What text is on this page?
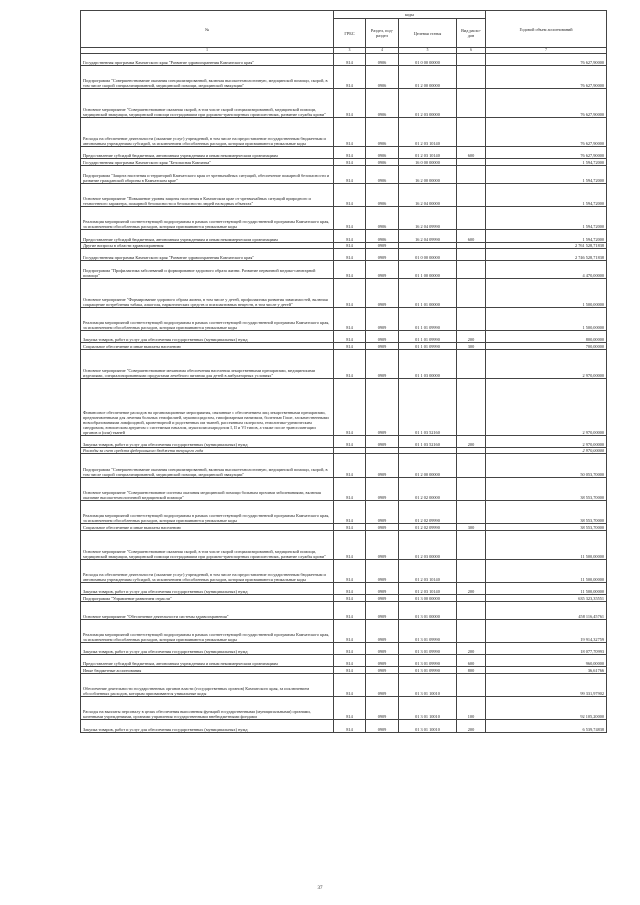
№	коды				Годовой объем ассигнований
	ГРБС	Раздел, под-раздел	Целевая статья	Вид расхо-дов	
1	3	4	5	6	7
Государственная программа Камчатского края "Развитие здравоохранения Камчатского края"	814	0906	01 0 00 00000		76 627,90000
Подпрограмма "Совершенствование оказания специализированной, включая высокотехнологичную, медицинской помощи, скорой, в том числе скорой специализированной, медицинской помощи, медицинской эвакуации"	814	0906	01 2 00 00000		76 627,90000
Основное мероприятие "Совершенствование оказания скорой, в том числе скорой специализированной, медицинской помощи, медицинской эвакуации, медицинской помощи пострадавшим при дорожно-транспортных происшествиях, развитие службы крови"	814	0906	01 2 03 00000		76 627,90000
Расходы на обеспечение деятельности (оказание услуг) учреждений, в том числе на предоставление государственным бюджетным и автономным учреждениям субсидий, за исключением обособленных расходов, которым присваиваются уникальные коды	814	0906	01 2 03 10140		76 627,90000
Предоставление субсидий бюджетным, автономным учреждениям и иным некоммерческим организациям	814	0906	01 2 03 10140	600	76 627,90000
Государственная программа Камчатского края "Безопасная Камчатка"	814	0906	16 0 00 00000		1 594,72000
Подпрограмма "Защита населения и территорий Камчатского края от чрезвычайных ситуаций, обеспечение пожарной безопасности и развитие гражданской обороны в Камчатском крае"	814	0906	16 2 00 00000		1 594,72000
Основное мероприятие "Повышение уровня защиты населения в Камчатском крае от чрезвычайных ситуаций природного и техногенного характера, пожарной безопасности и безопасности людей на водных объектах"	814	0906	16 2 04 00000		1 594,72000
Реализация мероприятий соответствующей подпрограммы в рамках соответствующей государственной программы Камчатского края, за исключением обособленных расходов, которым присваиваются уникальные коды	814	0906	16 2 04 09990		1 594,72000
Предоставление субсидий бюджетным, автономным учреждениям и иным некоммерческим организациям	814	0906	16 2 04 09990	600	1 594,72000
Другие вопросы в области здравоохранения	814	0909			2 761 528,71838
Государственная программа Камчатского края "Развитие здравоохранения Камчатского края"	814	0909	01 0 00 00000		2 746 528,71838
Подпрограмма "Профилактика заболеваний и формирование здорового образа жизни. Развитие первичной медико-санитарной помощи"	814	0909	01 1 00 00000		4 470,00000
Основное мероприятие "Формирование здорового образа жизни, в том числе у детей, профилактика развития зависимостей, включая сокращение потребления табака, алкоголя, наркотических средств и психоактивных веществ, в том числе у детей"	814	0909	01 1 01 00000		1 500,00000
Реализация мероприятий соответствующей подпрограммы в рамках соответствующей государственной программы Камчатского края, за исключением обособленных расходов, которым присваиваются уникальные коды	814	0909	01 1 01 09990		1 500,00000
Закупка товаров, работ и услуг для обеспечения государственных (муниципальных) нужд	814	0909	01 1 01 09990	200	800,00000
Социальное обеспечение и иные выплаты населению	814	0909	01 1 01 09990	300	700,00000
Основное мероприятие "Совершенствование механизма обеспечения населения лекарственными препаратами, медицинскими изделиями, специализированными продуктами лечебного питания для детей в амбулаторных условиях"	814	0909	01 1 03 00000		2 970,00000
Финансовое обеспечение расходов на организационные мероприятия, связанные с обеспечением лиц лекарственными препаратами, предназначенными для лечения больных гемофилией, муковисцидозом, гипофизарным нанизмом, болезнью Гоше, злокачественными новообразованиями лимфоидной, кроветворной и родственных им тканей, рассеянным склерозом, гемолитико-уремическим синдромом, юношеским артритом с системным началом, мукополисахаридозом I, II и VI типов, а также после трансплантации органов и (или) тканей	814	0909	01 1 03 52160		2 970,00000
Закупка товаров, работ и услуг для обеспечения государственных (муниципальных) нужд	814	0909	01 1 03 52160	200	2 970,00000
Расходы за счет средств федерального бюджета текущего года					2 970,00000
Подпрограмма "Совершенствование оказания специализированной, включая высокотехнологичную, медицинской помощи, скорой, в том числе скорой специализированной, медицинской помощи, медицинской эвакуации"	814	0909	01 2 00 00000		50 053,70000
Основное мероприятие "Совершенствование системы оказания медицинской помощи больным прочими заболеваниями, включая оказание высокотехнологичной медицинской помощи"	814	0909	01 2 02 00000		38 553,70000
Реализация мероприятий соответствующей подпрограммы в рамках соответствующей государственной программы Камчатского края, за исключением обособленных расходов, которым присваиваются уникальные коды	814	0909	01 2 02 09990		38 553,70000
Социальное обеспечение и иные выплаты населению	814	0909	01 2 02 09990	300	38 553,70000
Основное мероприятие "Совершенствование оказания скорой, в том числе скорой специализированной, медицинской помощи, медицинской эвакуации, медицинской помощи пострадавшим при дорожно-транспортных происшествиях, развитие службы крови"	814	0909	01 2 03 00000		11 500,00000
Расходы на обеспечение деятельности (оказание услуг) учреждений, в том числе на предоставление государственным бюджетным и автономным учреждениям субсидий, за исключением обособленных расходов, которым присваиваются уникальные коды	814	0909	01 2 03 10140		11 500,00000
Закупка товаров, работ и услуг для обеспечения государственных (муниципальных) нужд	814	0909	01 2 03 10140	200	11 500,00000
Подпрограмма "Управление развитием отрасли"	814	0909	01 3 00 00000		635 323,35551
Основное мероприятие "Обеспечение деятельности системы здравоохранения"	814	0909	01 3 01 00000		458 116,45761
Реализация мероприятий соответствующей подпрограммы в рамках соответствующей государственной программы Камчатского края, за исключением обособленных расходов, которым присваиваются уникальные коды	814	0909	01 3 01 09990		19 914,32759
Закупка товаров, работ и услуг для обеспечения государственных (муниципальных) нужд	814	0909	01 3 01 09990	200	18 077,70993
Предоставление субсидий бюджетным, автономным учреждениям и иным некоммерческим организациям	814	0909	01 3 01 09990	600	960,00000
Иные бюджетные ассигнования	814	0909	01 3 01 09990	800	36,61766
Обеспечение деятельности государственных органов власти (государственных органов) Камчатского края, за исключением обособленных расходов, которым присваиваются уникальные коды	814	0909	01 3 01 10010		99 331,97902
Расходы на выплаты персоналу в целях обеспечения выполнения функций государственными (муниципальными) органами, казенными учреждениями, органами управления государственными внебюджетными фондами	814	0909	01 3 01 10010	100	92 105,20000
Закупка товаров, работ и услуг для обеспечения государственных (муниципальных) нужд	814	0909	01 3 01 10010	200	6 539,74838
37
